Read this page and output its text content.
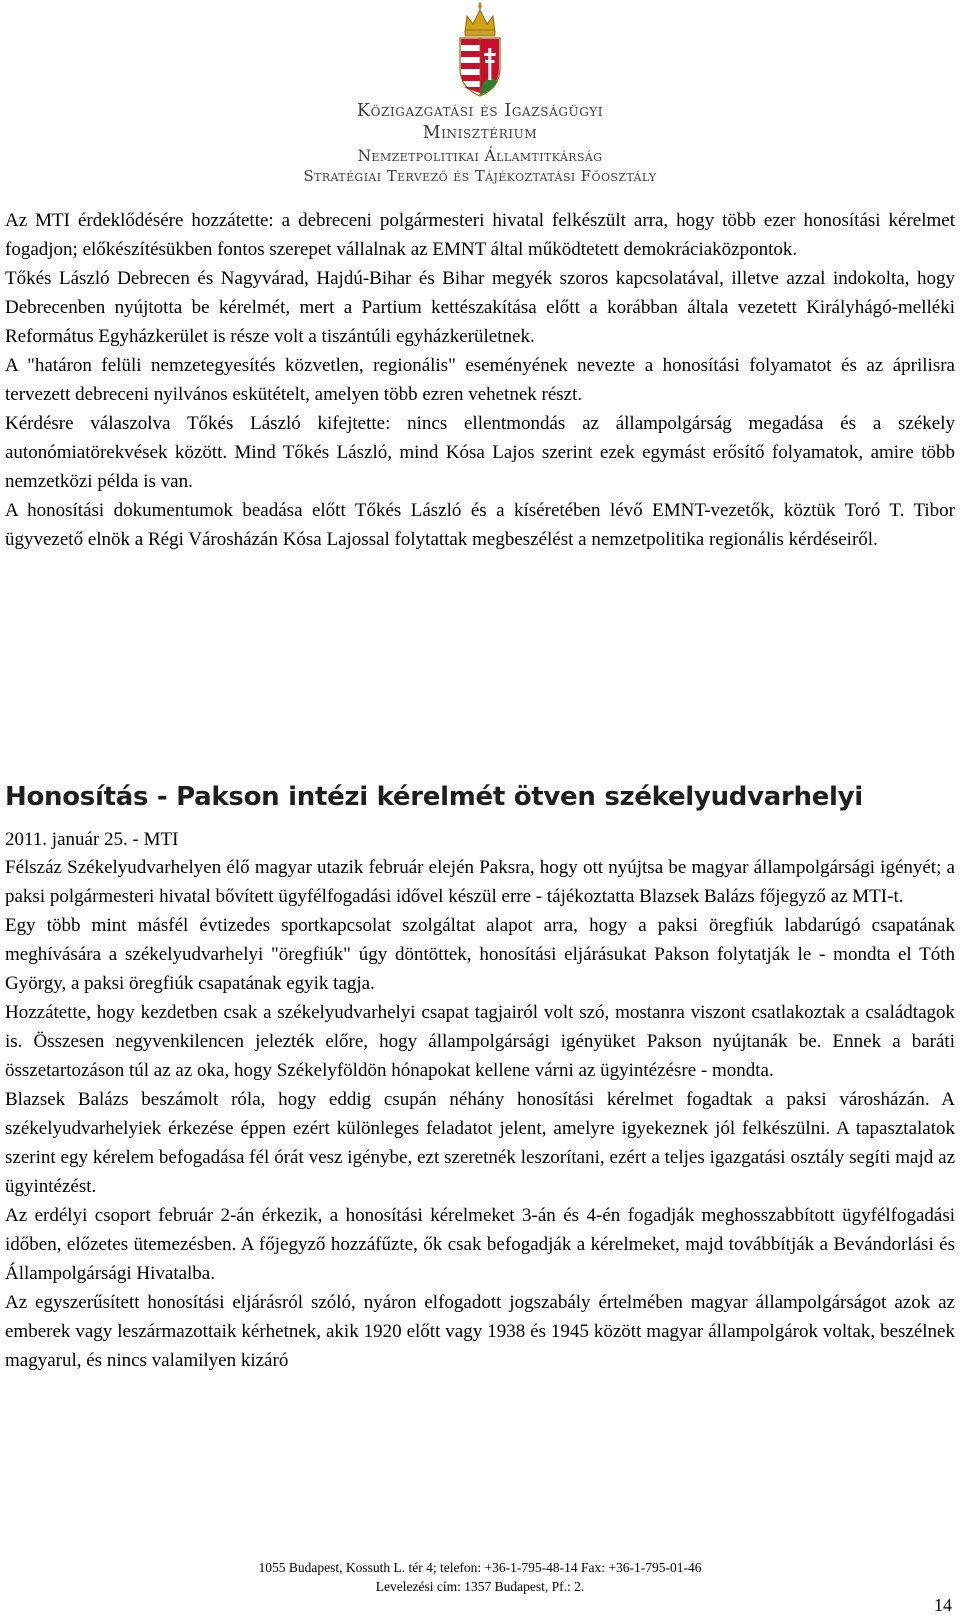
Közigazgatási és Igazságügyi
Minisztérium
Nemzetpolitikai Államtitkárság
Stratégiai Tervező és Tájékoztatási Főosztály

Az MTI érdeklődésére hozzátette: a debreceni polgármesteri hivatal felkészült arra, hogy több ezer honosítási kérelmet fogadjon; előkészítésükben fontos szerepet vállalnak az EMNT által működtetett demokráciaközpontok.

Tőkés László Debrecen és Nagyvárad, Hajdú-Bihar és Bihar megyék szoros kapcsolatával, illetve azzal indokolta, hogy Debrecenben nyújtotta be kérelmét, mert a Partium kettészakítása előtt a korábban általa vezetett Királyhágó-melléki Református Egyházkerület is része volt a tiszántúli egyházkerületnek.

A "határon felüli nemzetegyesítés közvetlen, regionális" eseményének nevezte a honosítási folyamatot és az áprilisra tervezett debreceni nyilvános eskütételt, amelyen több ezren vehetnek részt.

Kérdésre válaszolva Tőkés László kifejtette: nincs ellentmondás az állampolgárság megadása és a székely autonómiatörekvések között. Mind Tőkés László, mind Kósa Lajos szerint ezek egymást erősítő folyamatok, amire több nemzetközi példa is van.

A honosítási dokumentumok beadása előtt Tőkés László és a kíséretében lévő EMNT-vezetők, köztük Toró T. Tibor ügyvezető elnök a Régi Városházán Kósa Lajossal folytattak megbeszélést a nemzetpolitika regionális kérdéseiről.

Honosítás - Pakson intézi kérelmét ötven székelyudvarhelyi
2011. január 25. - MTI

Félszáz Székelyudvarhelyen élő magyar utazik február elején Paksra, hogy ott nyújtsa be magyar állampolgársági igényét; a paksi polgármesteri hivatal bővített ügyfélfogadási idővel készül erre - tájékoztatta Blazsek Balázs főjegyző az MTI-t.

Egy több mint másfél évtizedes sportkapcsolat szolgáltat alapot arra, hogy a paksi öregfiúk labdarúgó csapatának meghívására a székelyudvarhelyi "öregfiúk" úgy döntöttek, honosítási eljárásukat Pakson folytatják le - mondta el Tóth György, a paksi öregfiúk csapatának egyik tagja.

Hozzátette, hogy kezdetben csak a székelyudvarhelyi csapat tagjairól volt szó, mostanra viszont csatlakoztak a családtagok is. Összesen negyvenkilencen jelezték előre, hogy állampolgársági igényüket Pakson nyújtanák be. Ennek a baráti összetartozáson túl az az oka, hogy Székelyföldön hónapokat kellene várni az ügyintézésre - mondta.

Blazsek Balázs beszámolt róla, hogy eddig csupán néhány honosítási kérelmet fogadtak a paksi városházán. A székelyudvarhelyiek érkezése éppen ezért különleges feladatot jelent, amelyre igyekeznek jól felkészülni. A tapasztalatok szerint egy kérelem befogadása fél órát vesz igénybe, ezt szeretnék leszorítani, ezért a teljes igazgatási osztály segíti majd az ügyintézést.

Az erdélyi csoport február 2-án érkezik, a honosítási kérelmeket 3-án és 4-én fogadják meghosszabbított ügyfélfogadási időben, előzetes ütemezésben. A főjegyző hozzáfűzte, ők csak befogadják a kérelmeket, majd továbbítják a Bevándorlási és Állampolgársági Hivatalba.

Az egyszerűsített honosítási eljárásról szóló, nyáron elfogadott jogszabály értelmében magyar állampolgárságot azok az emberek vagy leszármazottaik kérhetnek, akik 1920 előtt vagy 1938 és 1945 között magyar állampolgárok voltak, beszélnek magyarul, és nincs valamilyen kizáró

1055 Budapest, Kossuth L. tér 4; telefon: +36-1-795-48-14 Fax: +36-1-795-01-46
Levelezési cím: 1357 Budapest, Pf.: 2.
14
